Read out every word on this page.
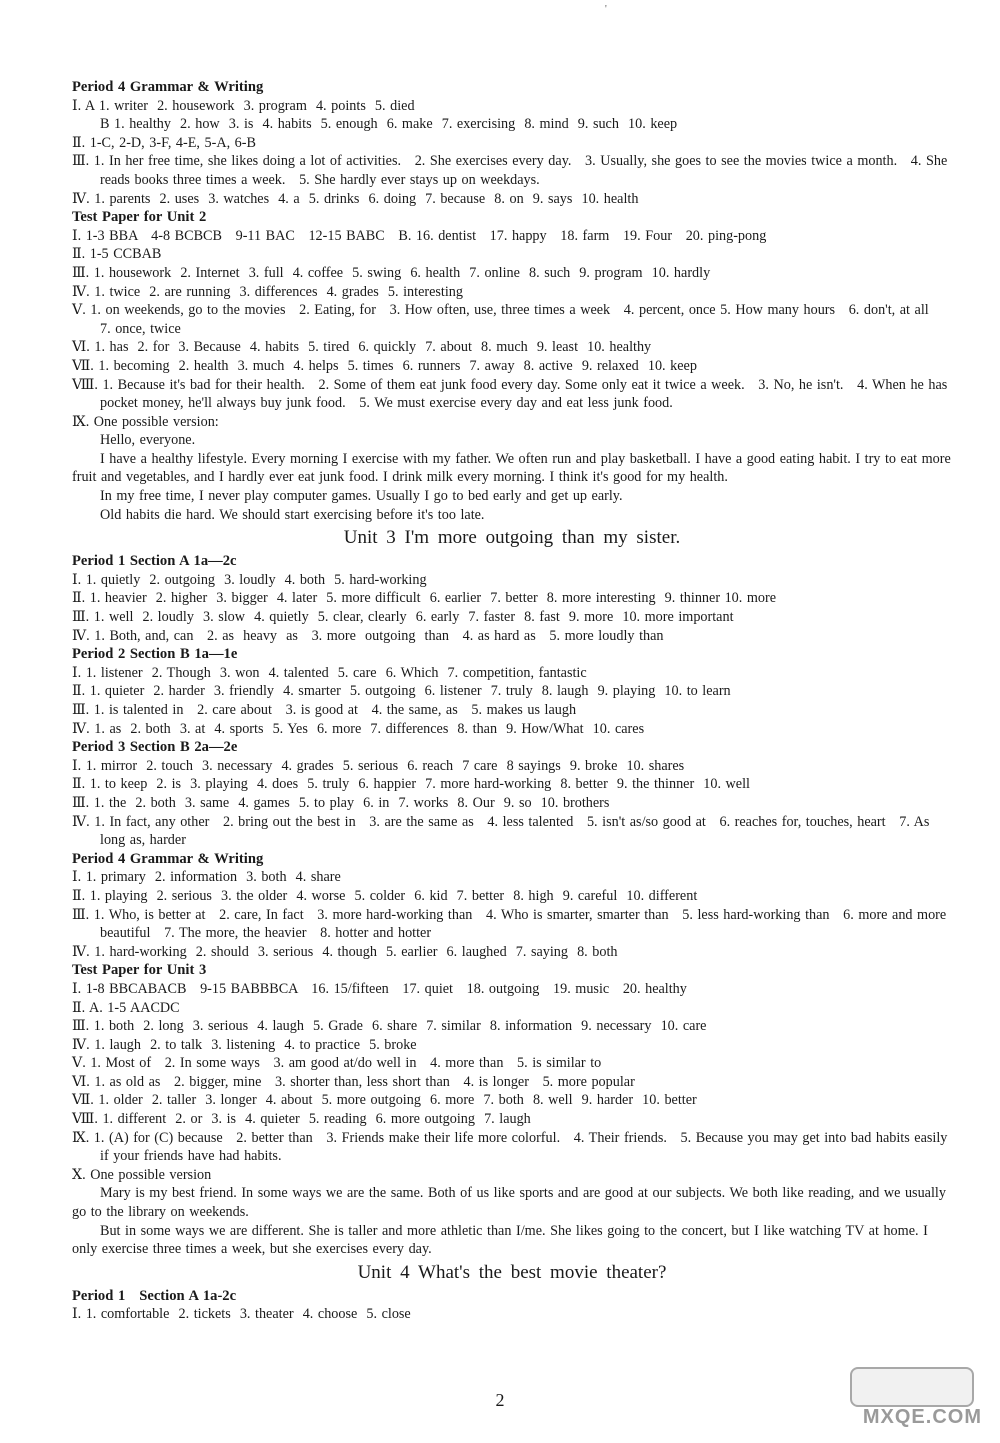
'
Period 4 Grammar & Writing
Ⅰ. A 1. writer  2. housework  3. program  4. points  5. died
B 1. healthy  2. how  3. is  4. habits  5. enough  6. make  7. exercising  8. mind  9. such  10. keep
Ⅱ. 1-C, 2-D, 3-F, 4-E, 5-A, 6-B
Ⅲ. 1. In her free time, she likes doing a lot of activities.   2. She exercises every day.   3. Usually, she goes to see the movies twice a month.   4. She reads books three times a week.   5. She hardly ever stays up on weekdays.
Ⅳ. 1. parents  2. uses  3. watches  4. a  5. drinks  6. doing  7. because  8. on  9. says  10. health
Test Paper for Unit 2
Ⅰ. 1-3 BBA   4-8 BCBCB   9-11 BAC   12-15 BABC   B. 16. dentist   17. happy   18. farm   19. Four   20. ping-pong
Ⅱ. 1-5 CCBAB
Ⅲ. 1. housework  2. Internet  3. full  4. coffee  5. swing  6. health  7. online  8. such  9. program  10. hardly
Ⅳ. 1. twice  2. are running  3. differences  4. grades  5. interesting
Ⅴ. 1. on weekends, go to the movies   2. Eating, for   3. How often, use, three times a week   4. percent, once 5. How many hours   6. don't, at all   7. once, twice
Ⅵ. 1. has  2. for  3. Because  4. habits  5. tired  6. quickly  7. about  8. much  9. least  10. healthy
Ⅶ. 1. becoming  2. health  3. much  4. helps  5. times  6. runners  7. away  8. active  9. relaxed  10. keep
Ⅷ. 1. Because it's bad for their health.   2. Some of them eat junk food every day. Some only eat it twice a week.   3. No, he isn't.   4. When he has pocket money, he'll always buy junk food.   5. We must exercise every day and eat less junk food.
Ⅸ. One possible version:
Hello, everyone.
I have a healthy lifestyle. Every morning I exercise with my father. We often run and play basketball. I have a good eating habit. I try to eat more fruit and vegetables, and I hardly ever eat junk food. I drink milk every morning. I think it's good for my health.
In my free time, I never play computer games. Usually I go to bed early and get up early.
Old habits die hard. We should start exercising before it's too late.
Unit 3 I'm more outgoing than my sister.
Period 1 Section A 1a—2c
Ⅰ. 1. quietly  2. outgoing  3. loudly  4. both  5. hard-working
Ⅱ. 1. heavier  2. higher  3. bigger  4. later  5. more difficult  6. earlier  7. better  8. more interesting  9. thinner 10. more
Ⅲ. 1. well  2. loudly  3. slow  4. quietly  5. clear, clearly  6. early  7. faster  8. fast  9. more  10. more important
Ⅳ. 1. Both, and, can   2. as  heavy  as   3. more  outgoing  than   4. as hard as   5. more loudly than
Period 2 Section B 1a—1e
Ⅰ. 1. listener  2. Though  3. won  4. talented  5. care  6. Which  7. competition, fantastic
Ⅱ. 1. quieter  2. harder  3. friendly  4. smarter  5. outgoing  6. listener  7. truly  8. laugh  9. playing  10. to learn
Ⅲ. 1. is talented in   2. care about   3. is good at   4. the same, as   5. makes us laugh
Ⅳ. 1. as  2. both  3. at  4. sports  5. Yes  6. more  7. differences  8. than  9. How/What  10. cares
Period 3 Section B 2a—2e
Ⅰ. 1. mirror  2. touch  3. necessary  4. grades  5. serious  6. reach  7 care  8 sayings  9. broke  10. shares
Ⅱ. 1. to keep  2. is  3. playing  4. does  5. truly  6. happier  7. more hard-working  8. better  9. the thinner  10. well
Ⅲ. 1. the  2. both  3. same  4. games  5. to play  6. in  7. works  8. Our  9. so  10. brothers
Ⅳ. 1. In fact, any other   2. bring out the best in   3. are the same as   4. less talented   5. isn't as/so good at   6. reaches for, touches, heart   7. As long as, harder
Period 4 Grammar & Writing
Ⅰ. 1. primary  2. information  3. both  4. share
Ⅱ. 1. playing  2. serious  3. the older  4. worse  5. colder  6. kid  7. better  8. high  9. careful  10. different
Ⅲ. 1. Who, is better at   2. care, In fact   3. more hard-working than   4. Who is smarter, smarter than   5. less hard-working than   6. more and more beautiful   7. The more, the heavier   8. hotter and hotter
Ⅳ. 1. hard-working  2. should  3. serious  4. though  5. earlier  6. laughed  7. saying  8. both
Test Paper for Unit 3
Ⅰ. 1-8 BBCABACB   9-15 BABBBCA   16. 15/fifteen   17. quiet   18. outgoing   19. music   20. healthy
Ⅱ. A. 1-5 AACDC
Ⅲ. 1. both  2. long  3. serious  4. laugh  5. Grade  6. share  7. similar  8. information  9. necessary  10. care
Ⅳ. 1. laugh  2. to talk  3. listening  4. to practice  5. broke
Ⅴ. 1. Most of   2. In some ways   3. am good at/do well in   4. more than   5. is similar to
Ⅵ. 1. as old as   2. bigger, mine   3. shorter than, less short than   4. is longer   5. more popular
Ⅶ. 1. older  2. taller  3. longer  4. about  5. more outgoing  6. more  7. both  8. well  9. harder  10. better
Ⅷ. 1. different  2. or  3. is  4. quieter  5. reading  6. more outgoing  7. laugh
Ⅸ. 1. (A) for (C) because   2. better than   3. Friends make their life more colorful.   4. Their friends.   5. Because you may get into bad habits easily if your friends have had habits.
Ⅹ. One possible version
Mary is my best friend. In some ways we are the same. Both of us like sports and are good at our subjects. We both like reading, and we usually go to the library on weekends.
But in some ways we are different. She is taller and more athletic than I/me. She likes going to the concert, but I like watching TV at home. I only exercise three times a week, but she exercises every day.
Unit 4 What's the best movie theater?
Period 1   Section A 1a-2c
Ⅰ. 1. comfortable  2. tickets  3. theater  4. choose  5. close
2
MXQE.COM
